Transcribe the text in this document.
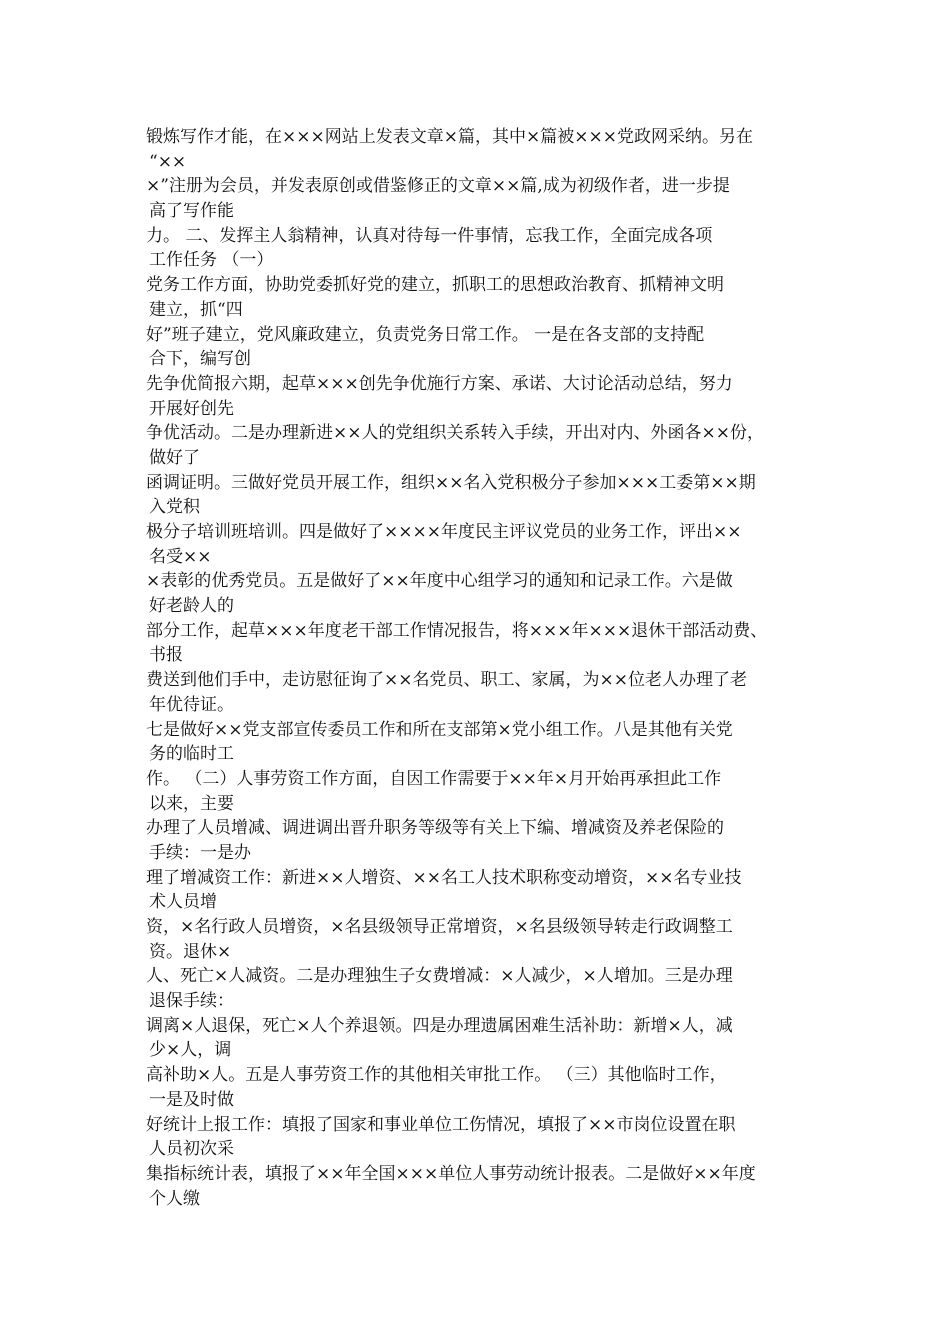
锻炼写作才能，在×××网站上发表文章×篇，其中×篇被×××党政网采纳。另在
“××
×”注册为会员，并发表原创或借鉴修正的文章××篇,成为初级作者，进一步提
高了写作能
力。 二、发挥主人翁精神，认真对待每一件事情，忘我工作，全面完成各项
工作任务 （一）
党务工作方面，协助党委抓好党的建立，抓职工的思想政治教育、抓精神文明
建立，抓“四
好”班子建立，党风廉政建立，负责党务日常工作。 一是在各支部的支持配
合下，编写创
先争优简报六期，起草×××创先争优施行方案、承诺、大讨论活动总结，努力
开展好创先
争优活动。二是办理新进××人的党组织关系转入手续，开出对内、外函各××份，
做好了
函调证明。三做好党员开展工作，组织××名入党积极分子参加×××工委第××期
入党积
极分子培训班培训。四是做好了××××年度民主评议党员的业务工作，评出××
名受××
×表彰的优秀党员。五是做好了××年度中心组学习的通知和记录工作。六是做
好老龄人的
部分工作，起草×××年度老干部工作情况报告，将×××年×××退休干部活动费、
书报
费送到他们手中，走访慰征询了××名党员、职工、家属，为××位老人办理了老
年优待证。
七是做好××党支部宣传委员工作和所在支部第×党小组工作。八是其他有关党
务的临时工
作。 （二）人事劳资工作方面，自因工作需要于××年×月开始再承担此工作
以来，主要
办理了人员增减、调进调出晋升职务等级等有关上下编、增减资及养老保险的
手续：一是办
理了增减资工作：新进××人增资、××名工人技术职称变动增资，××名专业技
术人员增
资，×名行政人员增资，×名县级领导正常增资，×名县级领导转走行政调整工
资。退休×
人、死亡×人减资。二是办理独生子女费增减：×人减少，×人增加。三是办理
退保手续：
调离×人退保，死亡×人个养退领。四是办理遗属困难生活补助：新增×人，减
少×人，调
高补助×人。五是人事劳资工作的其他相关审批工作。 （三）其他临时工作，
一是及时做
好统计上报工作：填报了国家和事业单位工伤情况，填报了××市岗位设置在职
人员初次采
集指标统计表，填报了××年全国×××单位人事劳动统计报表。二是做好××年度
个人缴
